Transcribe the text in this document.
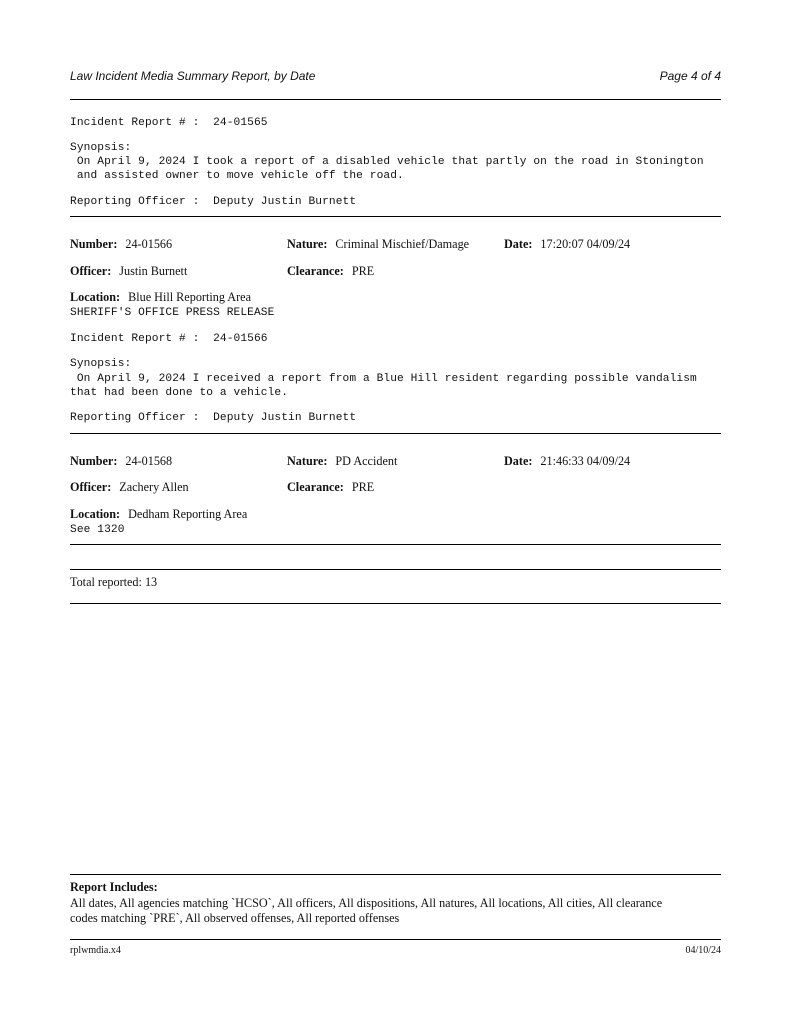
Law Incident Media Summary Report, by Date	Page 4 of 4
Incident Report # :  24-01565
Synopsis:
On April 9, 2024 I took a report of a disabled vehicle that partly on the road in Stonington
and assisted owner to move vehicle off the road.
Reporting Officer :  Deputy Justin Burnett
Number: 24-01566	Nature: Criminal Mischief/Damage	Date: 17:20:07 04/09/24
Officer: Justin Burnett	Clearance: PRE
Location: Blue Hill Reporting Area
SHERIFF'S OFFICE PRESS RELEASE
Incident Report # :  24-01566
Synopsis:
On April 9, 2024 I received a report from a Blue Hill resident regarding possible vandalism
that had been done to a vehicle.
Reporting Officer :  Deputy Justin Burnett
Number: 24-01568	Nature: PD Accident	Date: 21:46:33 04/09/24
Officer: Zachery Allen	Clearance: PRE
Location: Dedham Reporting Area
See 1320
Total reported: 13
Report Includes:
All dates, All agencies matching `HCSO`, All officers, All dispositions, All natures, All locations, All cities, All clearance
codes matching `PRE`, All observed offenses, All reported offenses
rplwmdia.x4	04/10/24
